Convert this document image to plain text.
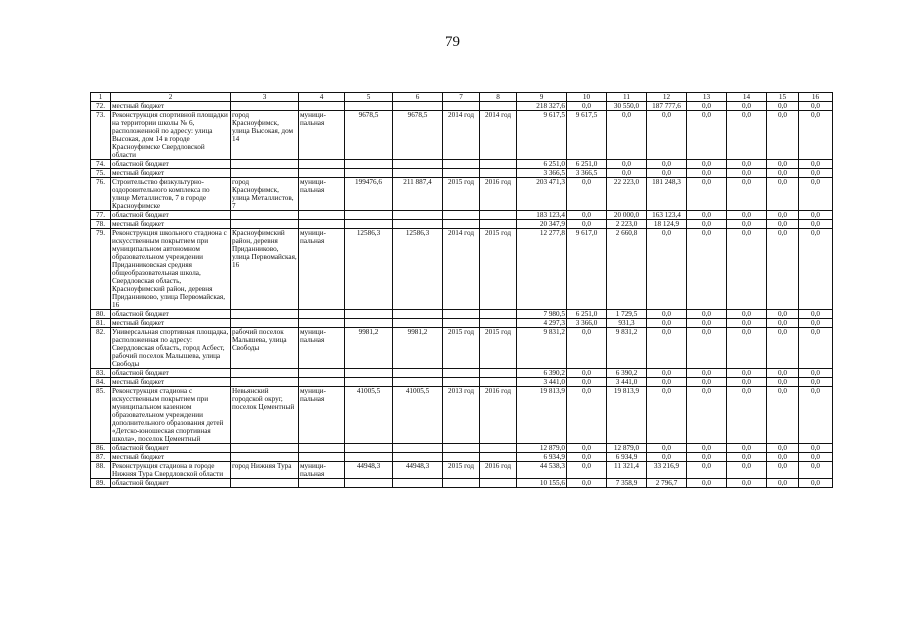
79
1	2	3	4	5	6	7	8	9	10	11	12	13	14	15	16
72.	местный бюджет							218 327,6	0,0	30 550,0	187 777,6	0,0	0,0	0,0	0,0
73.	Реконструкция спортивной площадки на территории школы № 6, расположенной по адресу: улица Высокая, дом 14 в городе Красноуфимске Свердловской области	город Красноуфимск, улица Высокая, дом 14	муници-пальная	9678,5	9678,5	2014 год	2014 год	9 617,5	9 617,5	0,0	0,0	0,0	0,0	0,0	0,0
74.	областной бюджет							6 251,0	6 251,0	0,0	0,0	0,0	0,0	0,0	0,0
75.	местный бюджет							3 366,5	3 366,5	0,0	0,0	0,0	0,0	0,0	0,0
76.	Строительство физкультурно-оздоровительного комплекса по улице Металлистов, 7 в городе Красноуфимске	город Красноуфимск, улица Металлистов, 7	муници-пальная	199476,6	211 887,4	2015 год	2016 год	203 471,3	0,0	22 223,0	181 248,3	0,0	0,0	0,0	0,0
77.	областной бюджет							183 123,4	0,0	20 000,0	163 123,4	0,0	0,0	0,0	0,0
78.	местный бюджет							20 347,9	0,0	2 223,0	18 124,9	0,0	0,0	0,0	0,0
79.	Реконструкция школьного стадиона с искусственным покрытием при муниципальном автономном образовательном учреждении Приданниковская средняя общеобразовательная школа, Свердловская область, Красноуфимский район, деревня Приданниково, улица Первомайская, 16	Красноуфимский район, деревня Приданниково, улица Первомайская, 16	муници-пальная	12586,3	12586,3	2014 год	2015 год	12 277,8	9 617,0	2 660,8	0,0	0,0	0,0	0,0	0,0
80.	областной бюджет							7 980,5	6 251,0	1 729,5	0,0	0,0	0,0	0,0	0,0
81.	местный бюджет							4 297,3	3 366,0	931,3	0,0	0,0	0,0	0,0	0,0
82.	Универсальная спортивная площадка, расположенная по адресу: Свердловская область, город Асбест, рабочий поселок Малышева, улица Свободы	рабочий поселок Малышева, улица Свободы	муници-пальная	9981,2	9981,2	2015 год	2015 год	9 831,2	0,0	9 831,2	0,0	0,0	0,0	0,0	0,0
83.	областной бюджет							6 390,2	0,0	6 390,2	0,0	0,0	0,0	0,0	0,0
84.	местный бюджет							3 441,0	0,0	3 441,0	0,0	0,0	0,0	0,0	0,0
85.	Реконструкция стадиона с искусственным покрытием при муниципальном казенном образовательном учреждении дополнительного образования детей «Детско-юношеская спортивная школа», поселок Цементный	Невьянский городской округ, поселок Цементный	муници-пальная	41005,5	41005,5	2013 год	2016 год	19 813,9	0,0	19 813,9	0,0	0,0	0,0	0,0	0,0
86.	областной бюджет							12 879,0	0,0	12 879,0	0,0	0,0	0,0	0,0	0,0
87.	местный бюджет							6 934,9	0,0	6 934,9	0,0	0,0	0,0	0,0	0,0
88.	Реконструкция стадиона в городе Нижняя Тура Свердловской области	город Нижняя Тура	муници-пальная	44948,3	44948,3	2015 год	2016 год	44 538,3	0,0	11 321,4	33 216,9	0,0	0,0	0,0	0,0
89.	областной бюджет							10 155,6	0,0	7 358,9	2 796,7	0,0	0,0	0,0	0,0
